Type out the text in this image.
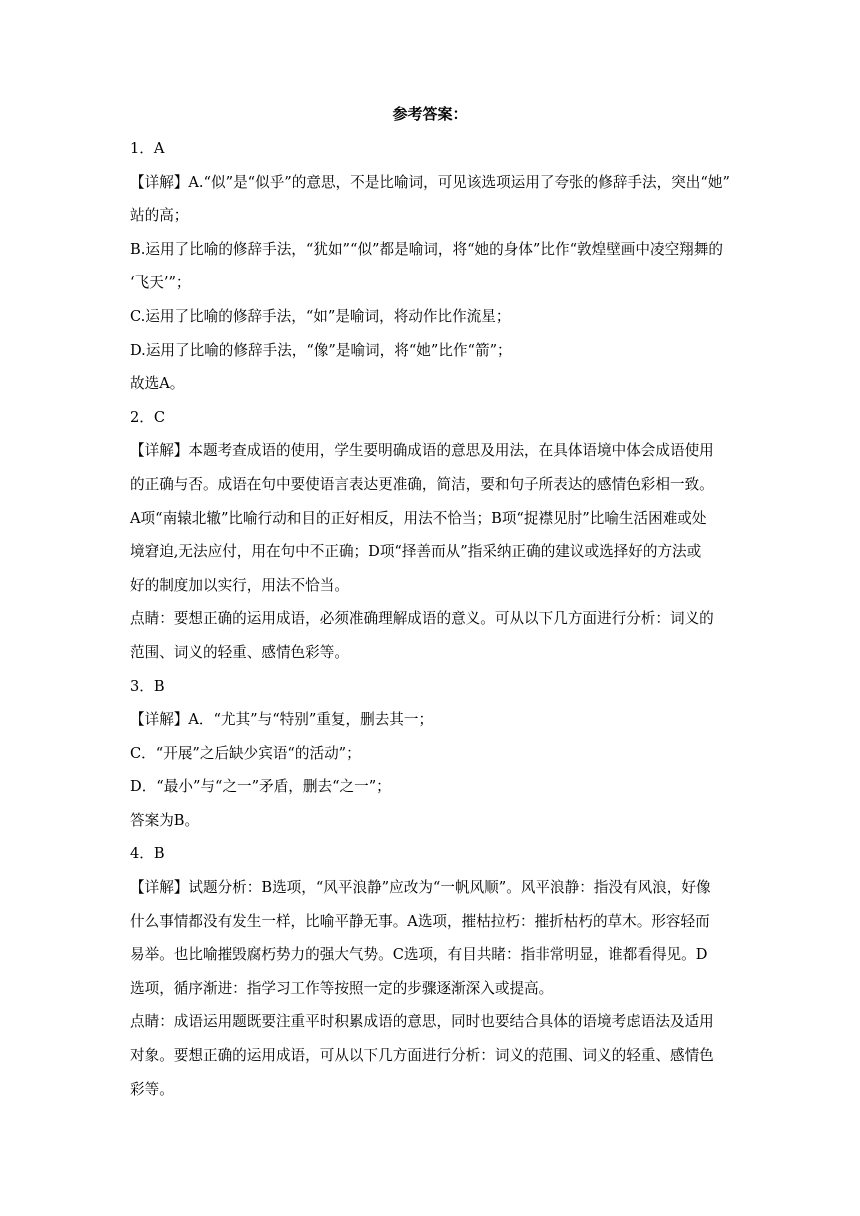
参考答案：
1．A
【详解】A.“似”是“似乎”的意思，不是比喻词，可见该选项运用了夸张的修辞手法，突出“她”
站的高；
B.运用了比喻的修辞手法，“犹如”“似”都是喻词，将“她的身体”比作“敦煌壁画中凌空翔舞的
‘飞天’”；
C.运用了比喻的修辞手法，“如”是喻词，将动作比作流星；
D.运用了比喻的修辞手法，“像”是喻词，将“她”比作“箭”；
故选A。
2．C
【详解】本题考查成语的使用，学生要明确成语的意思及用法，在具体语境中体会成语使用
的正确与否。成语在句中要使语言表达更准确，简洁，要和句子所表达的感情色彩相一致。
A项“南辕北辙”比喻行动和目的正好相反，用法不恰当；B项“捉襟见肘”比喻生活困难或处
境窘迫,无法应付，用在句中不正确；D项“择善而从”指采纳正确的建议或选择好的方法或
好的制度加以实行，用法不恰当。
点睛：要想正确的运用成语，必须准确理解成语的意义。可从以下几方面进行分析：词义的
范围、词义的轻重、感情色彩等。
3．B
【详解】A．“尤其”与“特别”重复，删去其一；
C．“开展”之后缺少宾语“的活动”；
D．“最小”与“之一”矛盾，删去“之一”；
答案为B。
4．B
【详解】试题分析：B选项，“风平浪静”应改为“一帆风顺”。风平浪静：指没有风浪，好像
什么事情都没有发生一样，比喻平静无事。A选项，摧枯拉朽：摧折枯朽的草木。形容轻而
易举。也比喻摧毁腐朽势力的强大气势。C选项，有目共睹：指非常明显，谁都看得见。D
选项，循序渐进：指学习工作等按照一定的步骤逐渐深入或提高。
点睛：成语运用题既要注重平时积累成语的意思，同时也要结合具体的语境考虑语法及适用
对象。要想正确的运用成语，可从以下几方面进行分析：词义的范围、词义的轻重、感情色
彩等。
